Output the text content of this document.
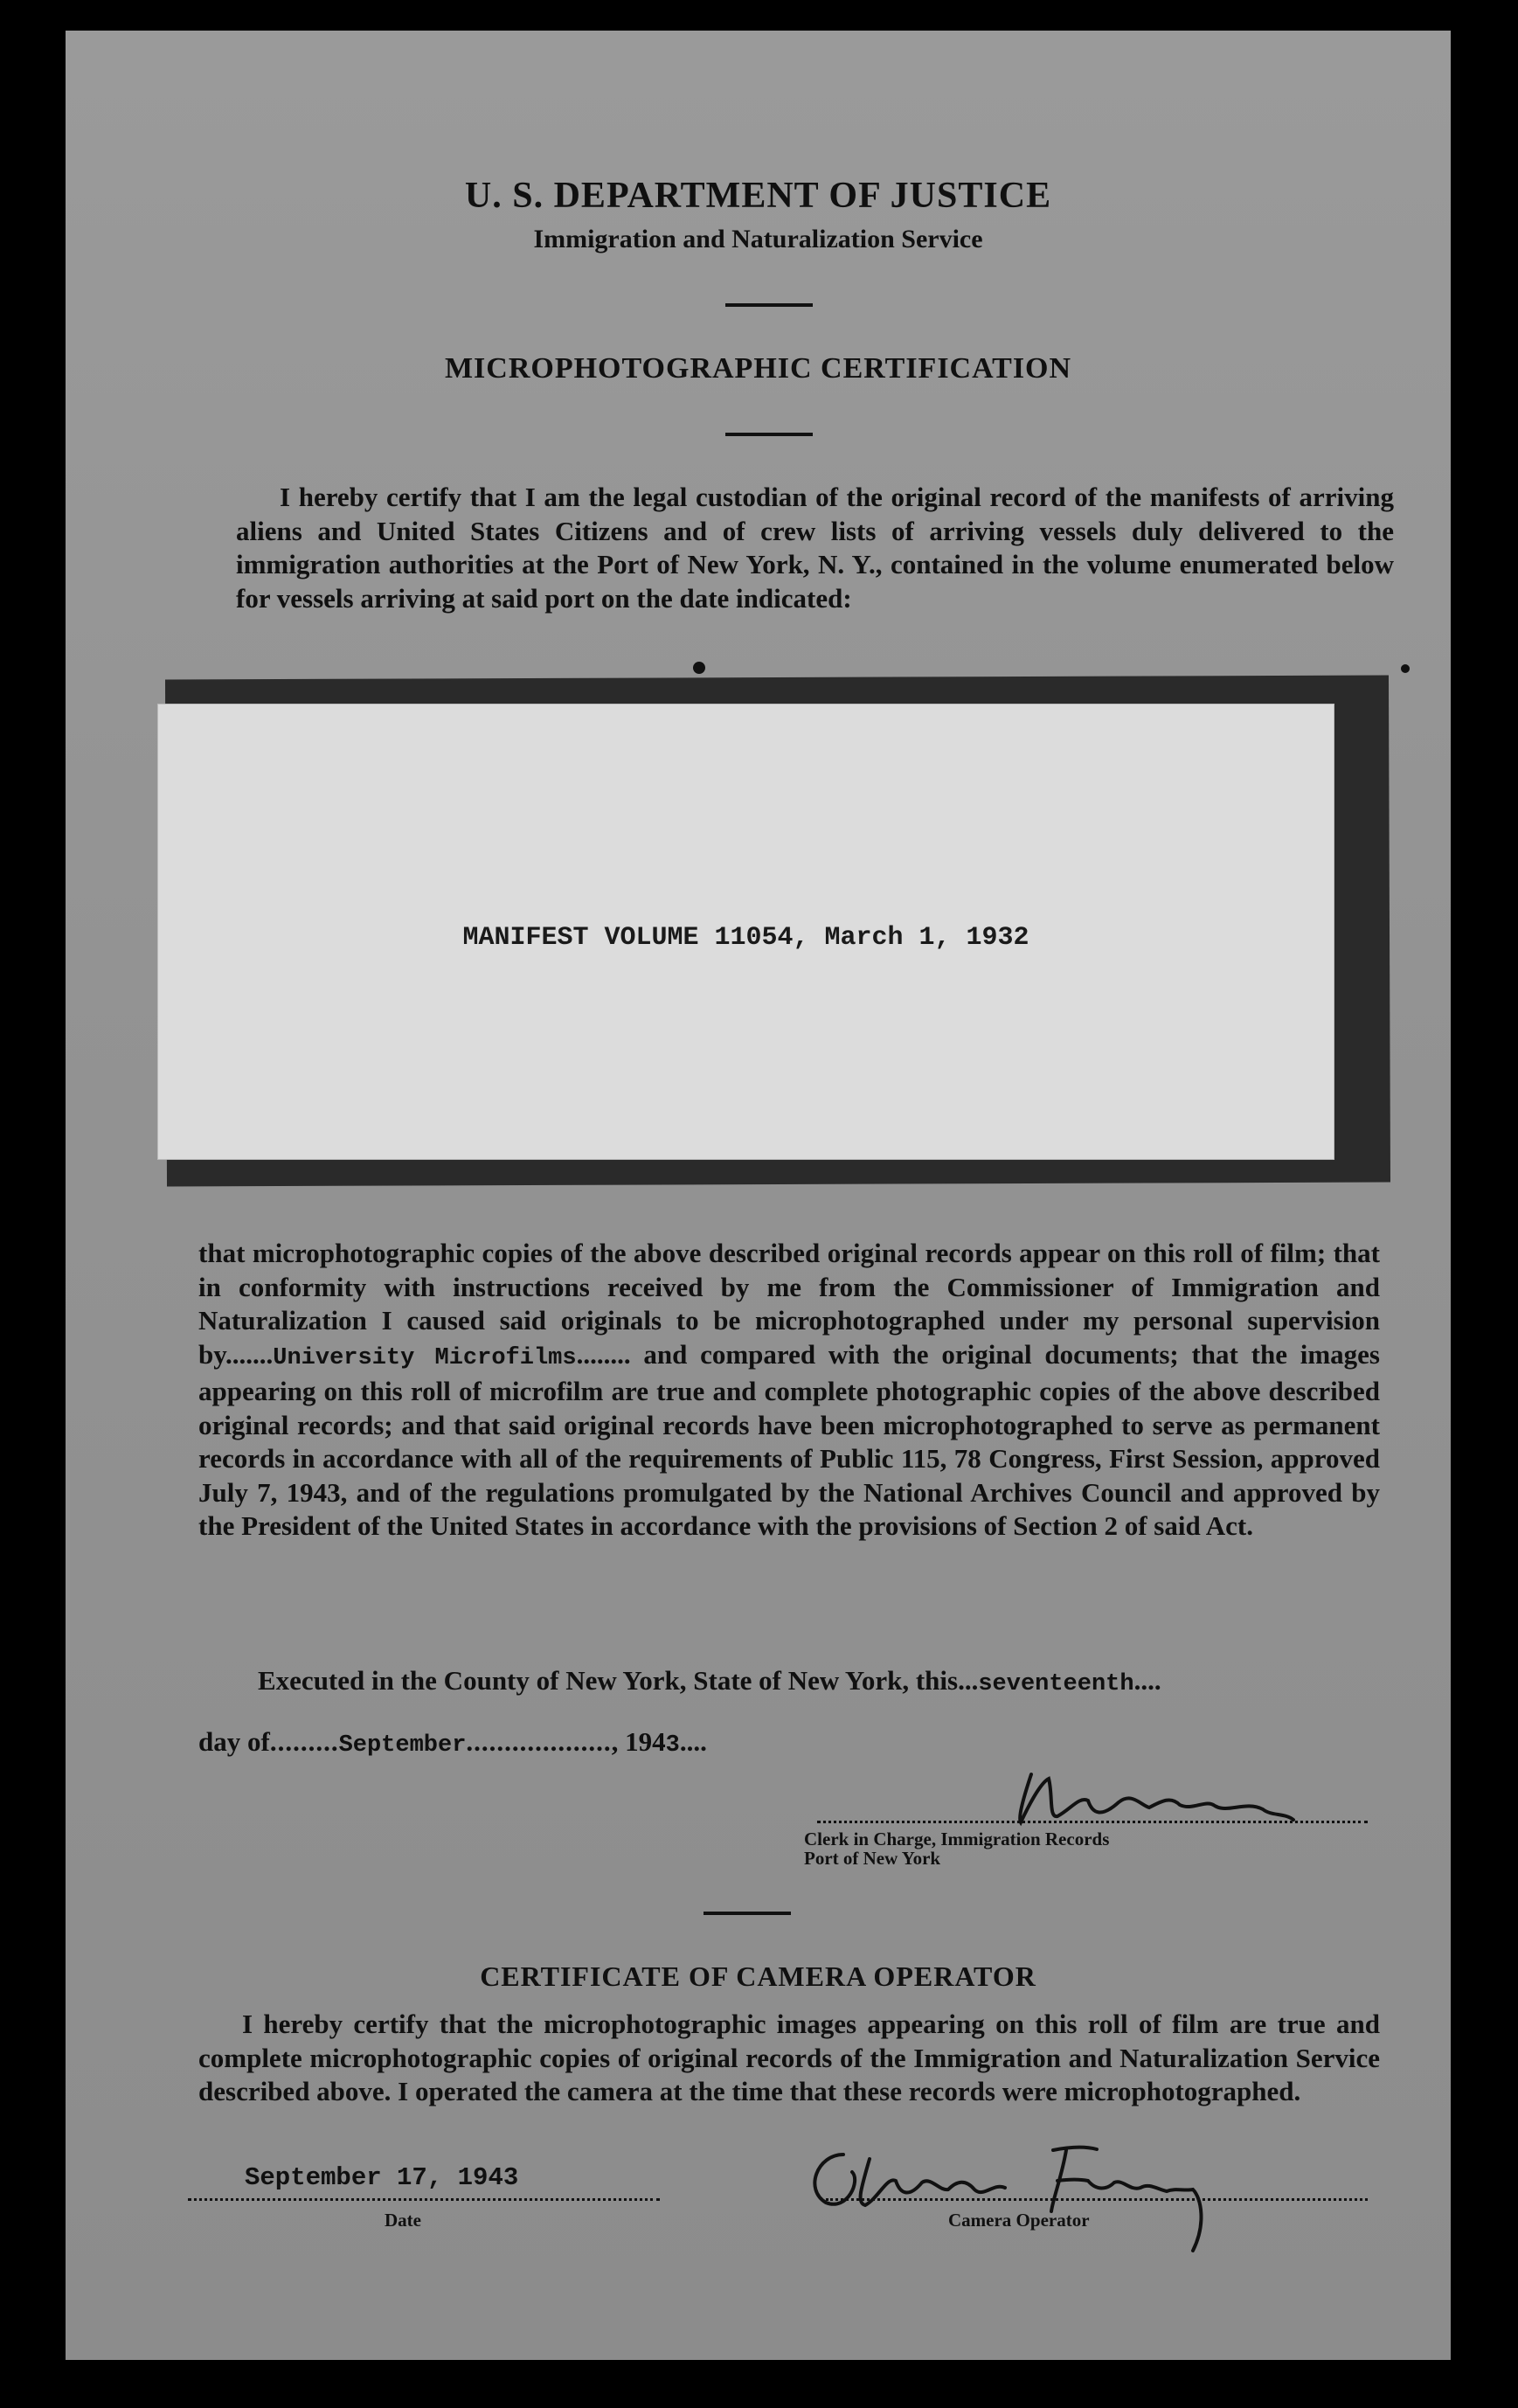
U. S. DEPARTMENT OF JUSTICE
Immigration and Naturalization Service
MICROPHOTOGRAPHIC CERTIFICATION
I hereby certify that I am the legal custodian of the original record of the manifests of arriving aliens and United States Citizens and of crew lists of arriving vessels duly delivered to the immigration authorities at the Port of New York, N. Y., contained in the volume enumerated below for vessels arriving at said port on the date indicated:
MANIFEST VOLUME 11054, March 1, 1932
that microphotographic copies of the above described original records appear on this roll of film; that in conformity with instructions received by me from the Commissioner of Immigration and Naturalization I caused said originals to be microphotographed under my personal supervision by.......University Microfilms........ and compared with the original documents; that the images appearing on this roll of microfilm are true and complete photographic copies of the above described original records; and that said original records have been microphotographed to serve as permanent records in accordance with all of the requirements of Public 115, 78 Congress, First Session, approved July 7, 1943, and of the regulations promulgated by the National Archives Council and approved by the President of the United States in accordance with the provisions of Section 2 of said Act.
Executed in the County of New York, State of New York, this...seventeenth....
day of.........September..................., 1943....
Clerk in Charge, Immigration Records
Port of New York
CERTIFICATE OF CAMERA OPERATOR
I hereby certify that the microphotographic images appearing on this roll of film are true and complete microphotographic copies of original records of the Immigration and Naturalization Service described above. I operated the camera at the time that these records were microphotographed.
September 17, 1943
Date	Camera Operator
